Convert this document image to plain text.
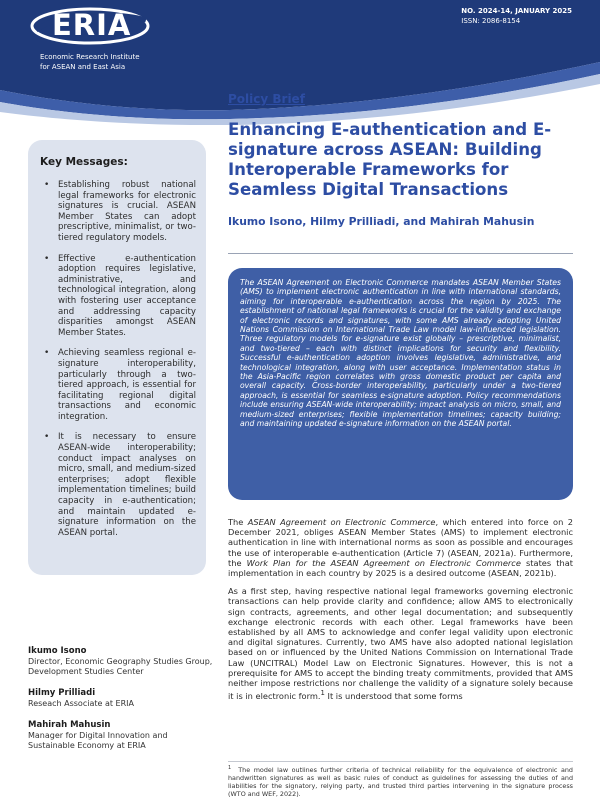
ERIA
Economic Research Institute
for ASEAN and East Asia
NO. 2024-14, JANUARY 2025
ISSN: 2086-8154
Key Messages:
• Establishing robust national legal frameworks for electronic signatures is crucial. ASEAN Member States can adopt prescriptive, minimalist, or two-tiered regulatory models.
• Effective e-authentication adoption requires legislative, administrative, and technological integration, along with fostering user acceptance and addressing capacity disparities amongst ASEAN Member States.
• Achieving seamless regional e-signature interoperability, particularly through a two-tiered approach, is essential for facilitating regional digital transactions and economic integration.
• It is necessary to ensure ASEAN-wide interoperability; conduct impact analyses on micro, small, and medium-sized enterprises; adopt flexible implementation timelines; build capacity in e-authentication; and maintain updated e-signature information on the ASEAN portal.
Ikumo Isono
Director, Economic Geography Studies Group, Development Studies Center
Hilmy Prilliadi
Reseach Associate at ERIA
Mahirah Mahusin
Manager for Digital Innovation and Sustainable Economy at ERIA
Policy Brief
Enhancing E-authentication and E-signature across ASEAN: Building Interoperable Frameworks for Seamless Digital Transactions
Ikumo Isono, Hilmy Prilliadi, and Mahirah Mahusin

The ASEAN Agreement on Electronic Commerce mandates ASEAN Member States (AMS) to implement electronic authentication in line with international standards, aiming for interoperable e-authentication across the region by 2025. The establishment of national legal frameworks is crucial for the validity and exchange of electronic records and signatures, with some AMS already adopting United Nations Commission on International Trade Law model law-influenced legislation. Three regulatory models for e-signature exist globally – prescriptive, minimalist, and two-tiered – each with distinct implications for security and flexibility. Successful e-authentication adoption involves legislative, administrative, and technological integration, along with user acceptance. Implementation status in the Asia-Pacific region correlates with gross domestic product per capita and overall capacity. Cross-border interoperability, particularly under a two-tiered approach, is essential for seamless e-signature adoption. Policy recommendations include ensuring ASEAN-wide interoperability; impact analysis on micro, small, and medium-sized enterprises; flexible implementation timelines; capacity building; and maintaining updated e-signature information on the ASEAN portal.

The ASEAN Agreement on Electronic Commerce, which entered into force on 2 December 2021, obliges ASEAN Member States (AMS) to implement electronic authentication in line with international norms as soon as possible and encourages the use of interoperable e-authentication (Article 7) (ASEAN, 2021a). Furthermore, the Work Plan for the ASEAN Agreement on Electronic Commerce states that implementation in each country by 2025 is a desired outcome (ASEAN, 2021b).

As a first step, having respective national legal frameworks governing electronic transactions can help provide clarity and confidence; allow AMS to electronically sign contracts, agreements, and other legal documentation; and subsequently exchange electronic records with each other. Legal frameworks have been established by all AMS to acknowledge and confer legal validity upon electronic and digital signatures. Currently, two AMS have also adopted national legislation based on or influenced by the United Nations Commission on International Trade Law (UNCITRAL) Model Law on Electronic Signatures. However, this is not a prerequisite for AMS to accept the binding treaty commitments, provided that AMS neither impose restrictions nor challenge the validity of a signature solely because it is in electronic form.$^1$ It is understood that some forms

$^1$ The model law outlines further criteria of technical reliability for the equivalence of electronic and handwritten signatures as well as basic rules of conduct as guidelines for assessing the duties of and liabilities for the signatory, relying party, and trusted third parties intervening in the signature process (WTO and WEF, 2022).
